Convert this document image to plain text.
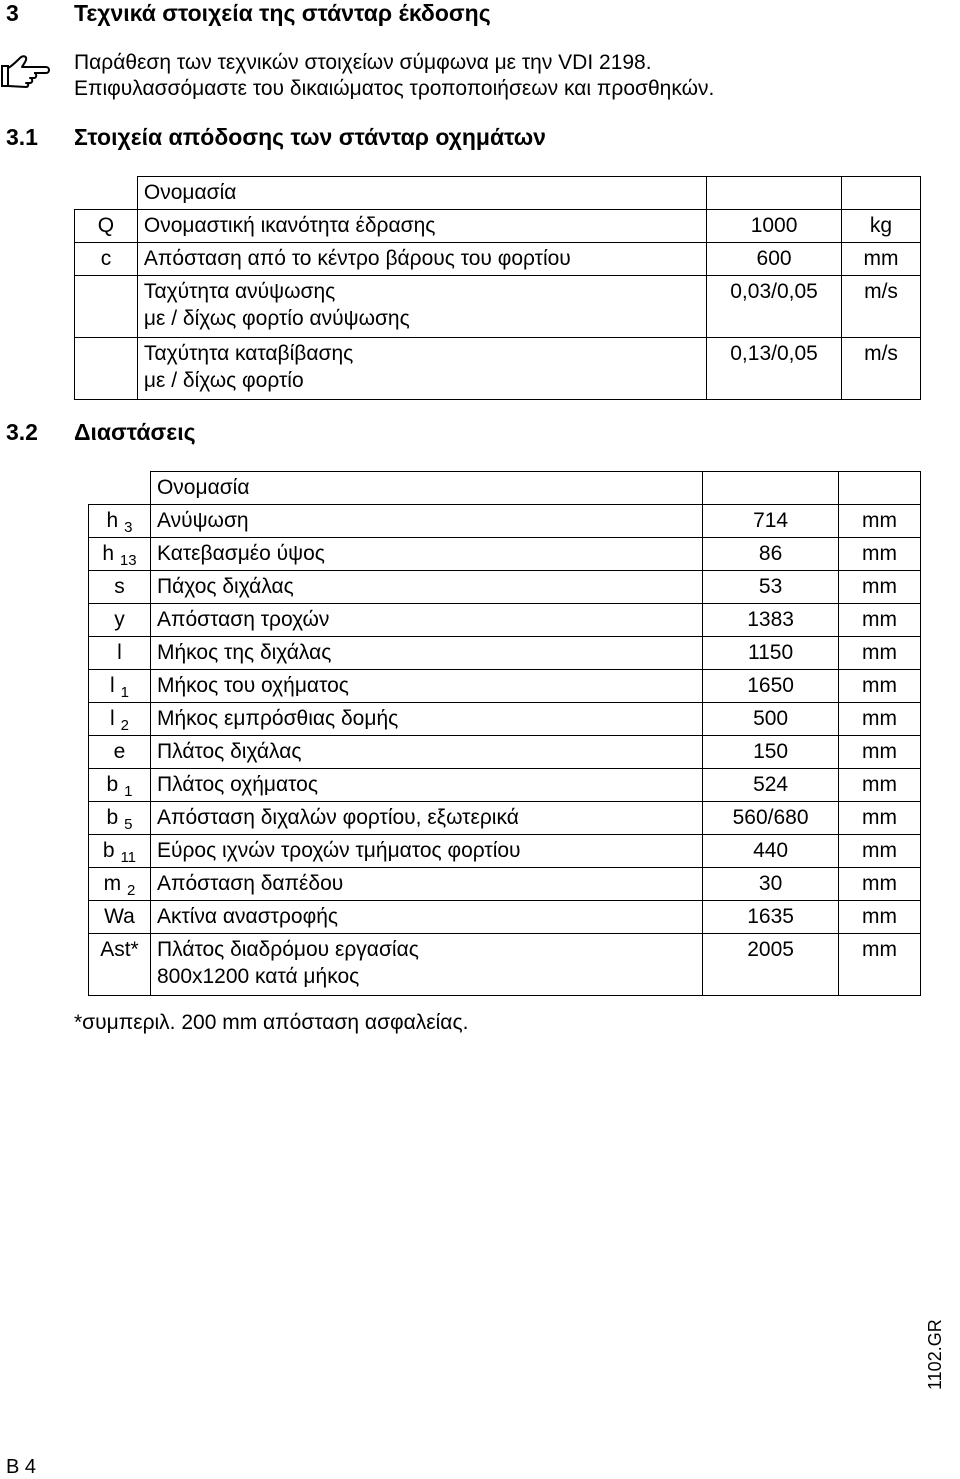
3 Τεχνικά στοιχεία της στάνταρ έκδοσης
Παράθεση των τεχνικών στοιχείων σύμφωνα με την VDI 2198.
Επιφυλασσόμαστε του δικαιώματος τροποποιήσεων και προσθηκών.
3.1 Στοιχεία απόδοσης των στάνταρ οχημάτων
	Ονομασία		
Q	Ονομαστική ικανότητα έδρασης	1000	kg
c	Απόσταση από το κέντρο βάρους του φορτίου	600	mm

	Ταχύτητα ανύψωσης
με / δίχως φορτίο ανύψωσης	0,03/0,05	m/s

	Ταχύτητα καταβίβασης
με / δίχως φορτίο	0,13/0,05	m/s
3.2 Διαστάσεις
	Ονομασία		
h $_3$	Ανύψωση	714	mm
h $_{13}$	Κατεβασμέο ύψος	86	mm
s	Πάχος διχάλας	53	mm
y	Απόσταση τροχών	1383	mm
l	Μήκος της διχάλας	1150	mm
l $_1$	Μήκος του οχήματος	1650	mm
l $_2$	Μήκος εμπρόσθιας δομής	500	mm
e	Πλάτος διχάλας	150	mm
b $_1$	Πλάτος οχήματος	524	mm
b $_5$	Απόσταση διχαλών φορτίου, εξωτερικά	560/680	mm
b $_{11}$	Εύρος ιχνών τροχών τμήματος φορτίου	440	mm
m $_2$	Απόσταση δαπέδου	30	mm
Wa	Ακτίνα αναστροφής	1635	mm
Ast*	Πλάτος διαδρόμου εργασίας
800x1200 κατά μήκος	2005	mm
*συμπεριλ. 200 mm απόσταση ασφαλείας.
B 4
1102.GR
